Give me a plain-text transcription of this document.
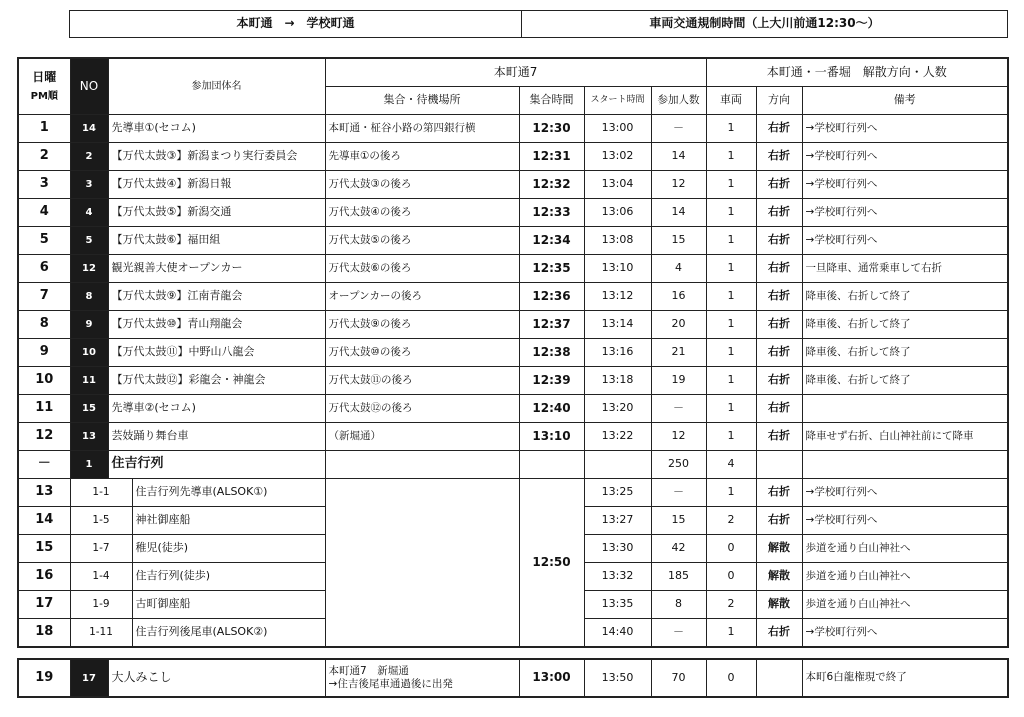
本町通　→　学校町通	車両交通規制時間（上大川前通12:30～）
日曜
PM順	NO	参加団体名		本町通7				本町通・一番堀　解散方向・人数		
				集合・待機場所	集合時間	スタート時間	参加人数	車両	方向	備考
1	14	先導車①(セコム)		本町通・柾谷小路の第四銀行横	12:30	13:00	－	1	右折	→学校町行列へ
2	2	【万代太鼓③】新潟まつり実行委員会		先導車①の後ろ	12:31	13:02	14	1	右折	→学校町行列へ
3	3	【万代太鼓④】新潟日報		万代太鼓③の後ろ	12:32	13:04	12	1	右折	→学校町行列へ
4	4	【万代太鼓⑤】新潟交通		万代太鼓④の後ろ	12:33	13:06	14	1	右折	→学校町行列へ
5	5	【万代太鼓⑥】福田組		万代太鼓⑤の後ろ	12:34	13:08	15	1	右折	→学校町行列へ
6	12	観光親善大使オープンカー		万代太鼓⑥の後ろ	12:35	13:10	4	1	右折	一旦降車、通常乗車して右折
7	8	【万代太鼓⑨】江南青龍会		オープンカーの後ろ	12:36	13:12	16	1	右折	降車後、右折して終了
8	9	【万代太鼓⑩】青山翔龍会		万代太鼓⑨の後ろ	12:37	13:14	20	1	右折	降車後、右折して終了
9	10	【万代太鼓⑪】中野山八龍会		万代太鼓⑩の後ろ	12:38	13:16	21	1	右折	降車後、右折して終了
10	11	【万代太鼓⑫】彩龍会・神龍会		万代太鼓⑪の後ろ	12:39	13:18	19	1	右折	降車後、右折して終了
11	15	先導車②(セコム)		万代太鼓⑫の後ろ	12:40	13:20	－	1	右折	
12	13	芸妓踊り舞台車		（新堀通）	13:10	13:22	12	1	右折	降車せず右折、白山神社前にて降車
－	1	住吉行列					250	4		
13	1-1		住吉行列先導車(ALSOK①)		12:50	13:25	－	1	右折	→学校町行列へ
14	1-5		神社御座船			13:27	15	2	右折	→学校町行列へ
15	1-7		稚児(徒歩)			13:30	42	0	解散	歩道を通り白山神社へ
16	1-4		住吉行列(徒歩)			13:32	185	0	解散	歩道を通り白山神社へ
17	1-9		古町御座船			13:35	8	2	解散	歩道を通り白山神社へ
18	1-11		住吉行列後尾車(ALSOK②)			14:40	－	1	右折	→学校町行列へ
19	17	大人みこし	本町通7　新堀通
→住吉後尾車通過後に出発	13:00	13:50	70	0		本町6白龍権現で終了
